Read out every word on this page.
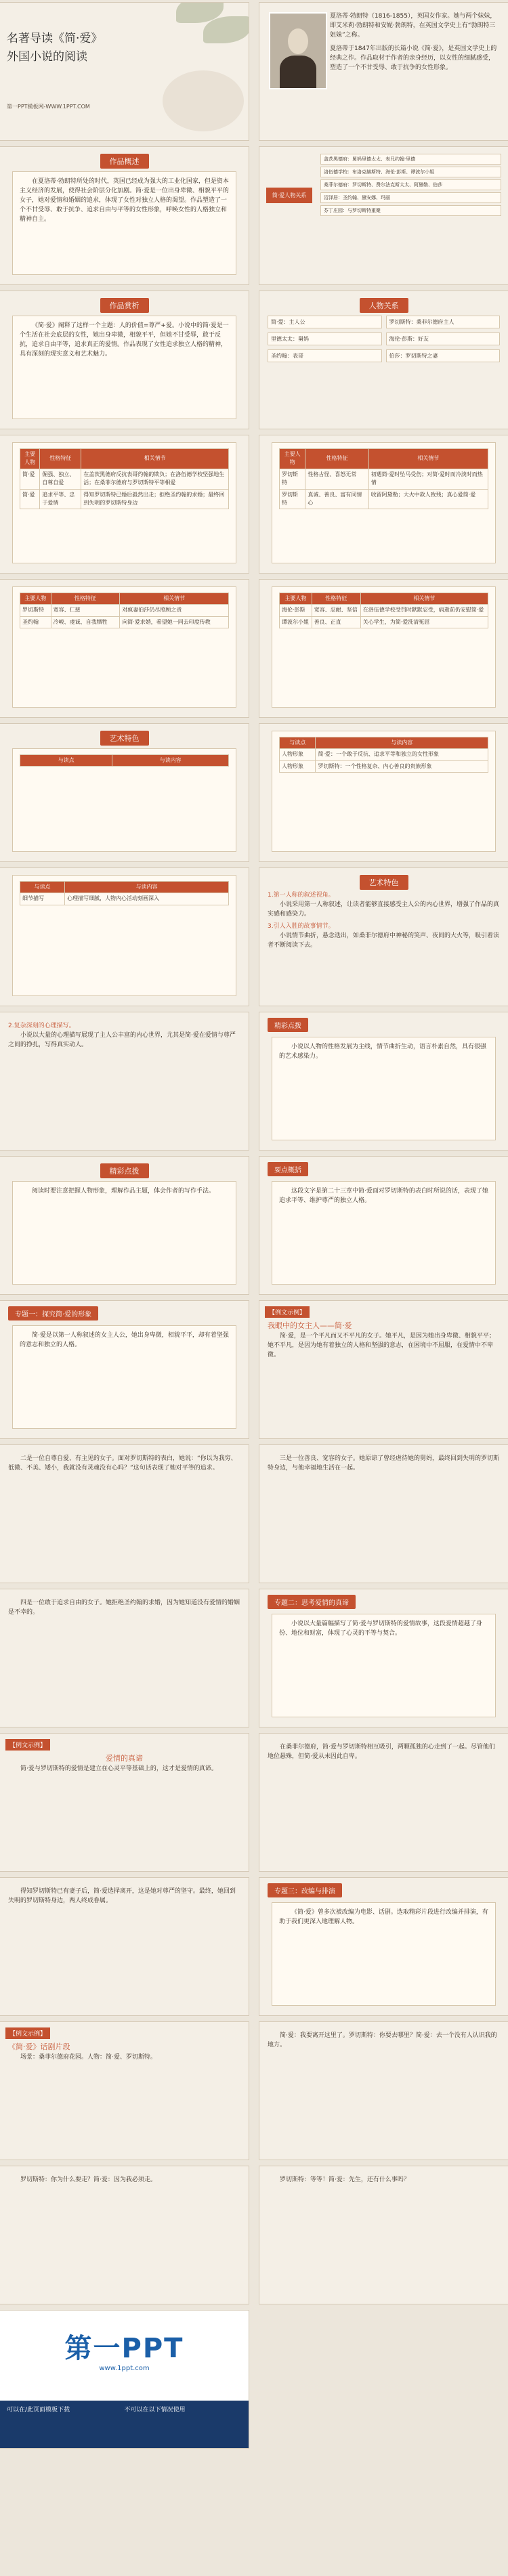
名著导读《简·爱》
外国小说的阅读
第一PPT模板网-WWW.1PPT.COM

夏洛蒂·勃朗特（1816-1855），英国女作家。她与两个妹妹，即艾米莉·勃朗特和安妮·勃朗特，在英国文学史上有“勃朗特三姐妹”之称。

夏洛蒂于1847年出版的长篇小说《简·爱》，是英国文学史上的经典之作。作品取材于作者的亲身经历，以女性的细腻感受，塑造了一个不甘受辱、敢于抗争的女性形象。

作品概述

在夏洛蒂·勃朗特所处的时代，英国已经成为强大的工业化国家，但是资本主义经济的发展，使得社会阶层分化加剧。简·爱是一位出身卑微、相貌平平的女子，她对爱情和婚姻的追求，体现了女性对独立人格的渴望。作品塑造了一个不甘受辱、敢于抗争、追求自由与平等的女性形象，呼唤女性的人格独立和精神自主。

简·爱人物关系
盖茨黑德府：舅妈里德太太、表兄约翰·里德
洛伍德学校：布洛克赫斯特、海伦·彭斯、谭波尔小姐
桑菲尔德府：罗切斯特、费尔法克斯太太、阿黛勒、伯莎
沼泽居：圣约翰、黛安娜、玛丽
芬丁庄园：与罗切斯特重聚
作品赏析

《简·爱》阐释了这样一个主题：人的价值=尊严+爱。小说中的简·爱是一个生活在社会底层的女性，她出身卑微，相貌平平，但她不甘受辱，敢于反抗，追求自由平等，追求真正的爱情。作品表现了女性追求独立人格的精神，具有深刻的现实意义和艺术魅力。

人物关系
简·爱：主人公	罗切斯特：桑菲尔德府主人
里德太太：舅妈	海伦·彭斯：好友
圣约翰：表哥	伯莎：罗切斯特之妻
主要人物	性格特征	相关情节
简·爱	倔强、独立、自尊自爱	在盖茨黑德府反抗表哥约翰的欺负；在洛伍德学校坚强地生活；在桑菲尔德府与罗切斯特平等相爱
简·爱	追求平等、忠于爱情	得知罗切斯特已婚后毅然出走；拒绝圣约翰的求婚；最终回到失明的罗切斯特身边
主要人物	性格特征	相关情节
罗切斯特	性格古怪、喜怒无常	初遇简·爱时坠马受伤；对简·爱时而冷淡时而热情
罗切斯特	真诚、善良、富有同情心	收留阿黛勒；大火中救人致残；真心爱简·爱
主要人物	性格特征	相关情节
罗切斯特	宽容、仁慈	对疯妻伯莎仍尽照顾之责
圣约翰	冷峻、虔诚、自我牺牲	向简·爱求婚，希望她一同去印度传教
主要人物	性格特征	相关情节
海伦·彭斯	宽容、忍耐、坚信	在洛伍德学校受罚时默默忍受，病逝前仍安慰简·爱
谭波尔小姐	善良、正直	关心学生，为简·爱洗清冤屈
艺术特色
与读点	与读内容
与读点	与读内容
人物形象	简·爱：一个敢于反抗、追求平等和独立的女性形象
人物形象	罗切斯特：一个性格复杂、内心善良的贵族形象
与读点	与读内容
细节描写	心理描写细腻，人物内心活动刻画深入
艺术特色
1.第一人称的叙述视角。

小说采用第一人称叙述，让读者能够直接感受主人公的内心世界，增强了作品的真实感和感染力。

3.引人入胜的故事情节。

小说情节曲折，悬念迭出，如桑菲尔德府中神秘的笑声、夜间的大火等，吸引着读者不断阅读下去。

2.复杂深刻的心理描写。

小说以大量的心理描写展现了主人公丰富的内心世界，尤其是简·爱在爱情与尊严之间的挣扎，写得真实动人。

精彩点拨

小说以人物的性格发展为主线，情节曲折生动，语言朴素自然，具有很强的艺术感染力。

精彩点拨

阅读时要注意把握人物形象，理解作品主题，体会作者的写作手法。

要点概括

这段文字是第二十三章中简·爱面对罗切斯特的表白时所说的话，表现了她追求平等、维护尊严的独立人格。

专题一：探究简·爱的形象

简·爱是以第一人称叙述的女主人公，她出身卑微，相貌平平，却有着坚强的意志和独立的人格。

【例文示例】
我眼中的女主人——简·爱

简·爱，是一个平凡而又不平凡的女子。她平凡，是因为她出身卑微、相貌平平；她不平凡，是因为她有着独立的人格和坚强的意志，在困境中不屈服，在爱情中不卑微。

二是一位自尊自爱、有主见的女子。面对罗切斯特的表白，她说：“你以为我穷、低微、不美、矮小，我就没有灵魂没有心吗？”这句话表现了她对平等的追求。

三是一位善良、宽容的女子。她原谅了曾经虐待她的舅妈，最终回到失明的罗切斯特身边，与他幸福地生活在一起。

四是一位敢于追求自由的女子。她拒绝圣约翰的求婚，因为她知道没有爱情的婚姻是不幸的。

专题二：思考爱情的真谛

小说以大量篇幅描写了简·爱与罗切斯特的爱情故事，这段爱情超越了身份、地位和财富，体现了心灵的平等与契合。

【例文示例】
爱情的真谛

简·爱与罗切斯特的爱情是建立在心灵平等基础上的，这才是爱情的真谛。

在桑菲尔德府，简·爱与罗切斯特相互吸引，两颗孤独的心走到了一起。尽管他们地位悬殊，但简·爱从未因此自卑。

得知罗切斯特已有妻子后，简·爱选择离开，这是她对尊严的坚守。最终，她回到失明的罗切斯特身边，两人终成眷属。

专题三：改编与排演

《简·爱》曾多次被改编为电影、话剧。选取精彩片段进行改编并排演，有助于我们更深入地理解人物。

【例文示例】
《简·爱》话剧片段

场景：桑菲尔德府花园。人物：简·爱、罗切斯特。

简·爱：我要离开这里了。罗切斯特：你要去哪里？简·爱：去一个没有人认识我的地方。

罗切斯特：你为什么要走？简·爱：因为我必须走。	罗切斯特：等等！简·爱：先生，还有什么事吗？

第一PPT
www.1ppt.com
可以在/此页面模板下载	不可以在以下情况使用
